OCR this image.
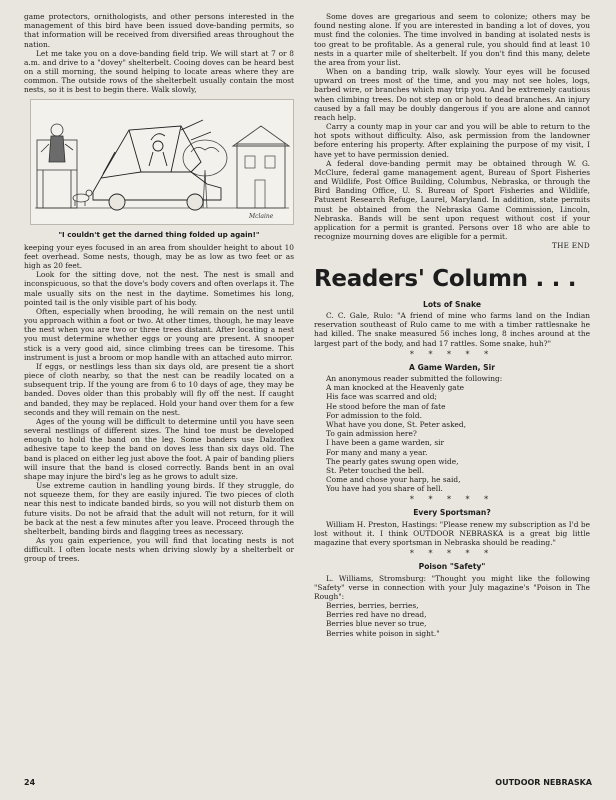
game protectors, ornithologists, and other persons interested in the management of this bird have been issued dove-banding permits, so that information will be received from diversified areas throughout the nation.

Let me take you on a dove-banding field trip. We will start at 7 or 8 a.m. and drive to a "dovey" shelterbelt. Cooing doves can be heard best on a still morning, the sound helping to locate areas where they are common. The outside rows of the shelterbelt usually contain the most nests, so it is best to begin there. Walk slowly,

Mclaine
"I couldn't get the darned thing folded up again!"

keeping your eyes focused in an area from shoulder height to about 10 feet overhead. Some nests, though, may be as low as two feet or as high as 20 feet.

Look for the sitting dove, not the nest. The nest is small and inconspicuous, so that the dove's body covers and often overlaps it. The male usually sits on the nest in the daytime. Sometimes his long, pointed tail is the only visible part of his body.

Often, especially when brooding, he will remain on the nest until you approach within a foot or two. At other times, though, he may leave the nest when you are two or three trees distant. After locating a nest you must determine whether eggs or young are present. A snooper stick is a very good aid, since climbing trees can be tiresome. This instrument is just a broom or mop handle with an attached auto mirror.

If eggs, or nestlings less than six days old, are present tie a short piece of cloth nearby, so that the nest can be readily located on a subsequent trip. If the young are from 6 to 10 days of age, they may be banded. Doves older than this probably will fly off the nest. If caught and banded, they may be replaced. Hold your hand over them for a few seconds and they will remain on the nest.

Ages of the young will be difficult to determine until you have seen several nestlings of different sizes. The hind toe must be developed enough to hold the band on the leg. Some banders use Dalzoflex adhesive tape to keep the band on doves less than six days old. The band is placed on either leg just above the foot. A pair of banding pliers will insure that the band is closed correctly. Bands bent in an oval shape may injure the bird's leg as he grows to adult size.

Use extreme caution in handling young birds. If they struggle, do not squeeze them, for they are easily injured. Tie two pieces of cloth near this nest to indicate banded birds, so you will not disturb them on future visits. Do not be afraid that the adult will not return, for it will be back at the nest a few minutes after you leave. Proceed through the shelterbelt, banding birds and flagging trees as necessary.

As you gain experience, you will find that locating nests is not difficult. I often locate nests when driving slowly by a shelterbelt or group of trees.

Some doves are gregarious and seem to colonize; others may be found nesting alone. If you are interested in banding a lot of doves, you must find the colonies. The time involved in banding at isolated nests is too great to be profitable. As a general rule, you should find at least 10 nests in a quarter mile of shelterbelt. If you don't find this many, delete the area from your list.

When on a banding trip, walk slowly. Your eyes will be focused upward on trees most of the time, and you may not see holes, logs, barbed wire, or branches which may trip you. And be extremely cautious when climbing trees. Do not step on or hold to dead branches. An injury caused by a fall may be doubly dangerous if you are alone and cannot reach help.

Carry a county map in your car and you will be able to return to the hot spots without difficulty. Also, ask permission from the landowner before entering his property. After explaining the purpose of my visit, I have yet to have permission denied.

A federal dove-banding permit may be obtained through W. G. McClure, federal game management agent, Bureau of Sport Fisheries and Wildlife, Post Office Building, Columbus, Nebraska, or through the Bird Banding Office, U. S. Bureau of Sport Fisheries and Wildlife, Patuxent Research Refuge, Laurel, Maryland. In addition, state permits must be obtained from the Nebraska Game Commission, Lincoln, Nebraska. Bands will be sent upon request without cost if your application for a permit is granted. Persons over 18 who are able to recognize mourning doves are eligible for a permit.

THE END
Readers' Column . . .
Lots of Snake

C. C. Gale, Rulo: "A friend of mine who farms land on the Indian reservation southeast of Rulo came to me with a timber rattlesnake he had killed. The snake measured 56 inches long, 8 inches around at the largest part of the body, and had 17 rattles. Some snake, huh?"

* * * * *
A Game Warden, Sir

An anonymous reader submitted the following:

A man knocked at the Heavenly gate
His face was scarred and old;
He stood before the man of fate
For admission to the fold.
What have you done, St. Peter asked,
To gain admission here?
I have been a game warden, sir
For many and many a year.
The pearly gates swung open wide,
St. Peter touched the bell.
Come and chose your harp, he said,
You have had you share of hell.
* * * * *
Every Sportsman?

William H. Preston, Hastings: "Please renew my subscription as I'd be lost without it. I think OUTDOOR NEBRASKA is a great big little magazine that every sportsman in Nebraska should be reading."

* * * * *
Poison "Safety"

L. Williams, Stromsburg: "Thought you might like the following "Safety" verse in connection with your July magazine's "Poison in The Rough":

Berries, berries, berries,
Berries red have no dread,
Berries blue never so true,
Berries white poison in sight."
24	OUTDOOR NEBRASKA
